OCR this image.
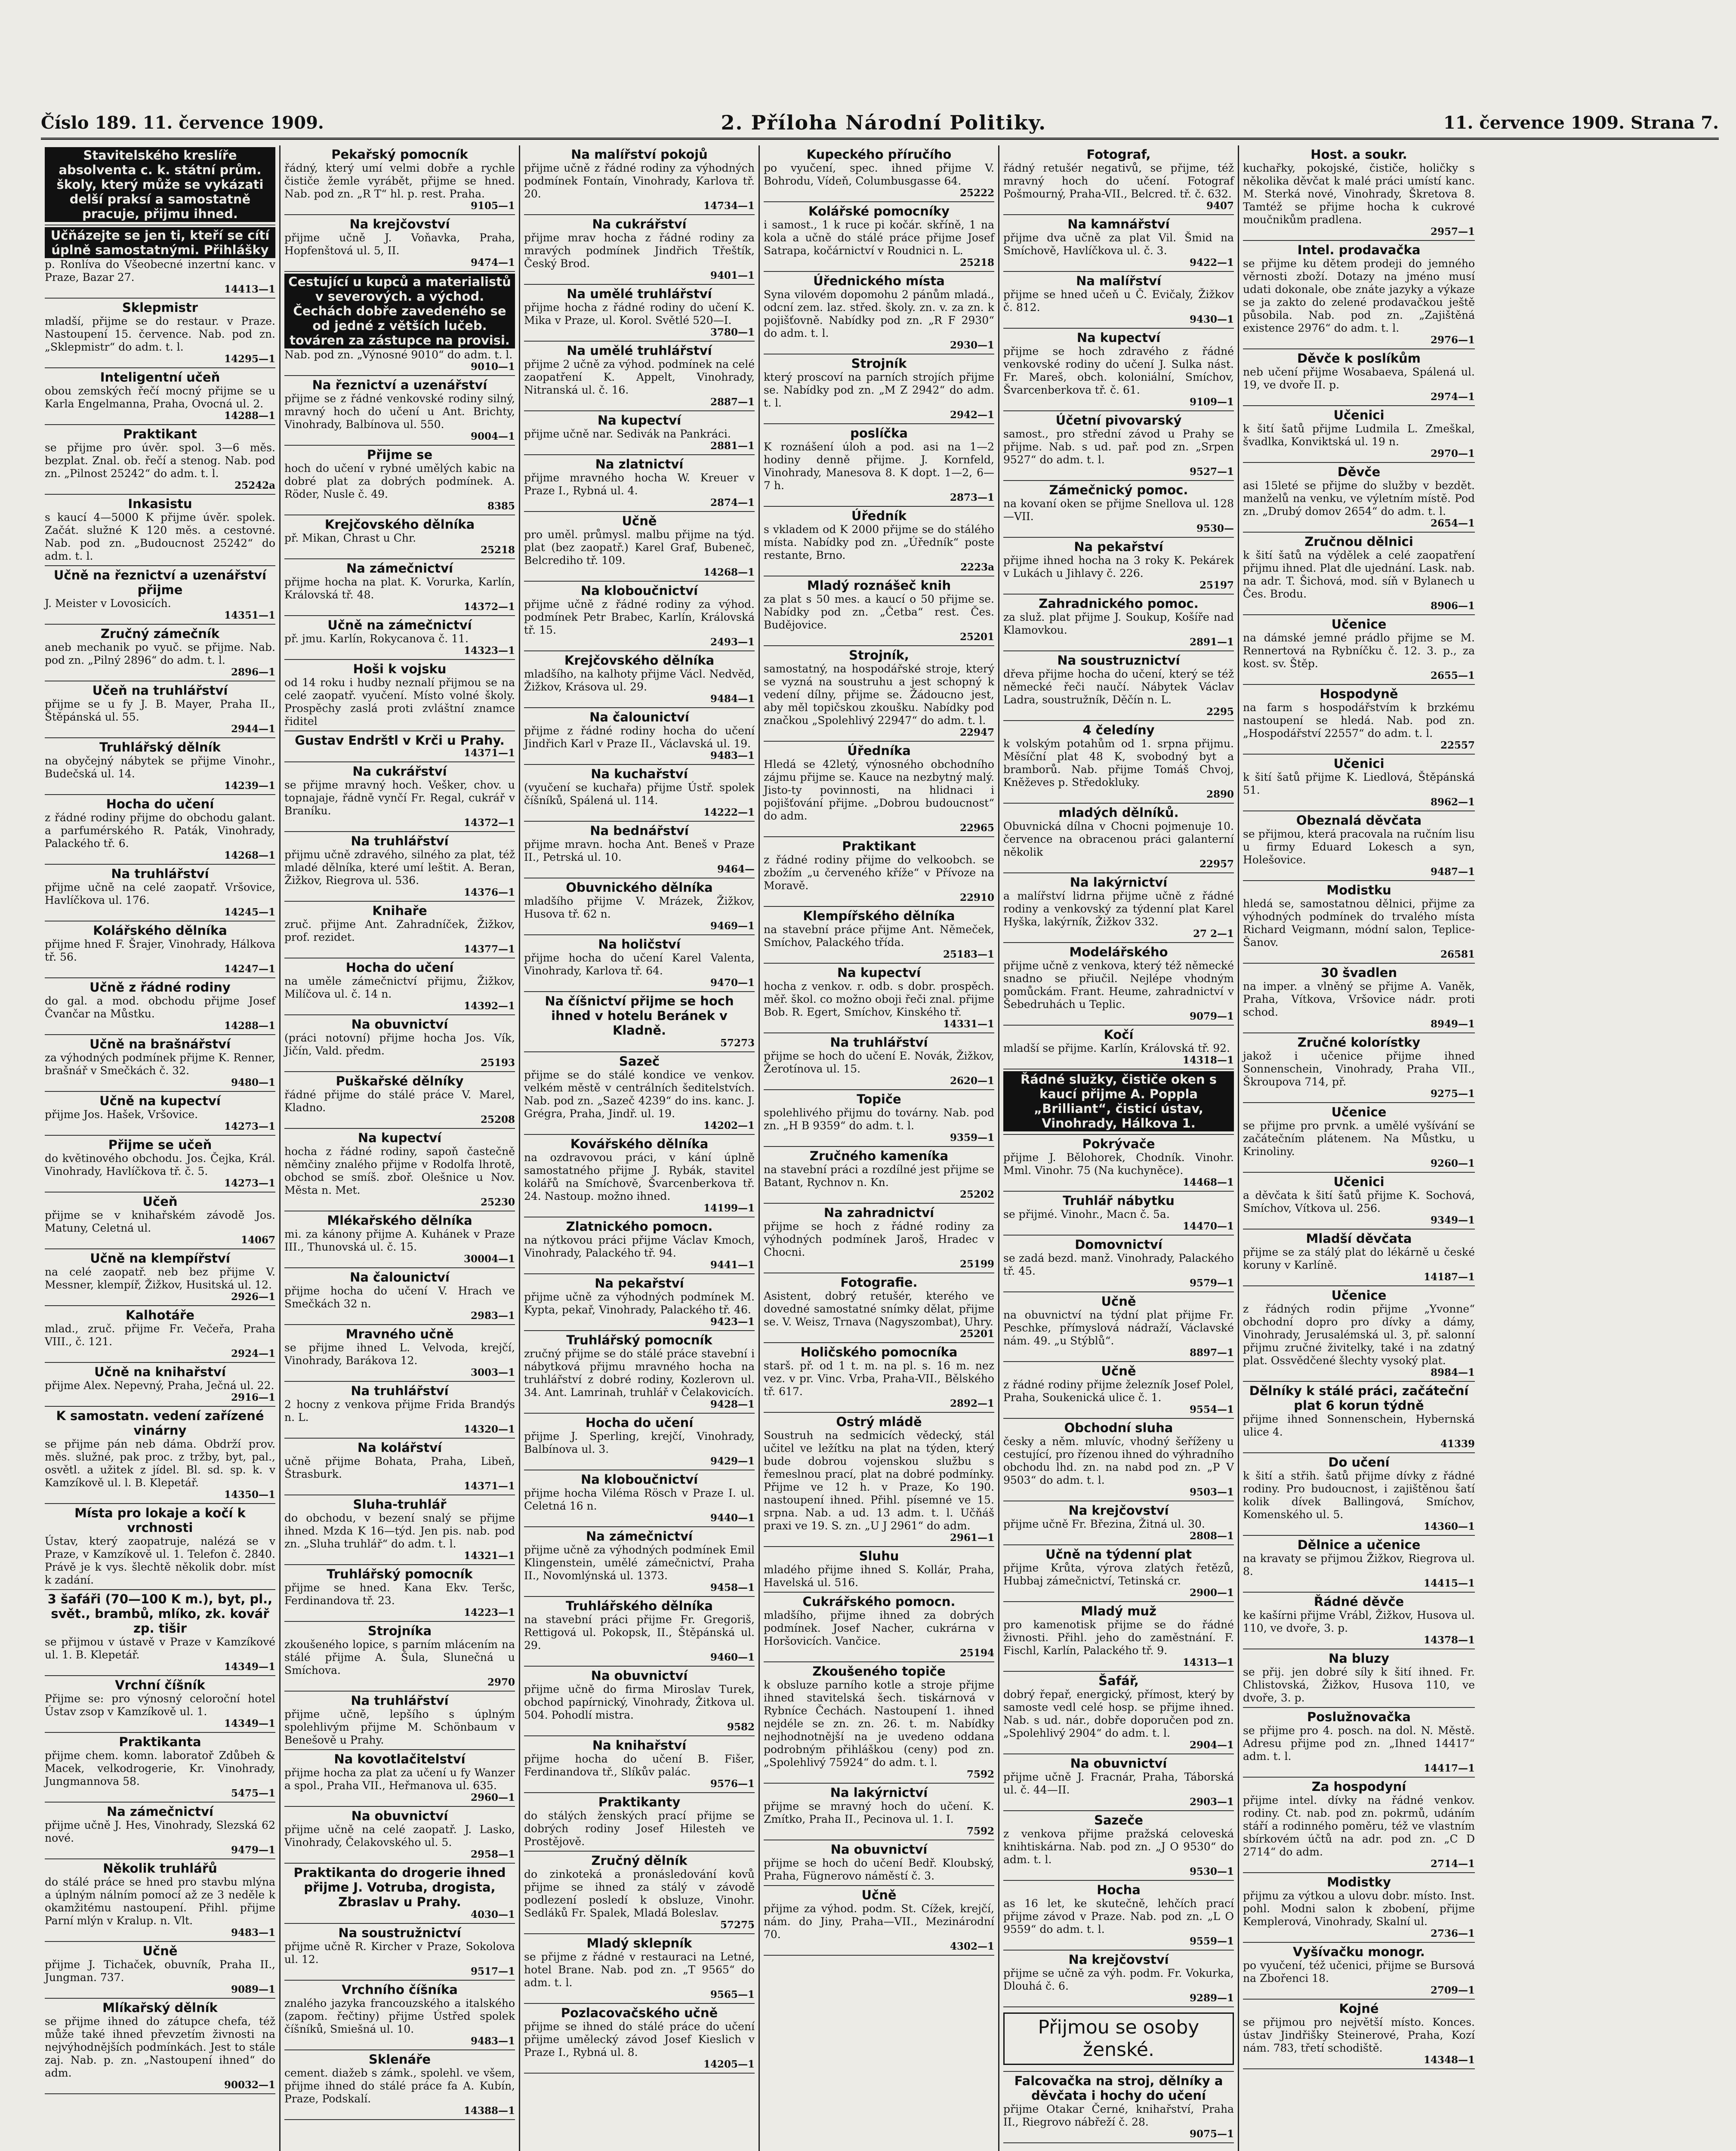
Číslo 189. 11. července 1909.	2. Příloha Národní Politiky.	11. července 1909. Strana 7.
Stavitelského kreslíře absolventa c. k. státní prům. školy, který může se vykázati delší praksí a samostatně pracuje, přijmu ihned.
Učňázejte se jen ti, kteří se cítí úplně samostatnými. Přihlášky
p. Ronlíva do Všeobecné inzertní kanc. v Praze, Bazar 27.
14413—1
Sklepmistr
mladší, přijme se do restaur. v Praze. Nastoupení 15. července. Nab. pod zn. „Sklepmistr“ do adm. t. l.
14295—1
Inteligentní učeň
obou zemských řečí mocný přijme se u Karla Engelmanna, Praha, Ovocná ul. 2.
14288—1
Praktikant
se přijme pro úvěr. spol. 3—6 měs. bezplat. Znal. ob. řečí a stenog. Nab. pod zn. „Pilnost 25242“ do adm. t. l.
25242a
Inkasistu
s kaucí 4—5000 K přijme úvěr. spolek. Začát. služné K 120 měs. a cestovné. Nab. pod zn. „Budoucnost 25242“ do adm. t. l.
Učně na řeznictví a uzenářství přijme
J. Meister v Lovosicích.
14351—1
Zručný zámečník
aneb mechanik po vyuč. se přijme. Nab. pod zn. „Pilný 2896“ do adm. t. l.
2896—1
Učeň na truhlářství
přijme se u fy J. B. Mayer, Praha II., Štěpánská ul. 55.
2944—1
Truhlářský dělník
na obyčejný nábytek se přijme Vinohr., Budečská ul. 14.
14239—1
Hocha do učení
z řádné rodiny přijme do obchodu galant. a parfumérského R. Paták, Vinohrady, Palackého tř. 6.
14268—1
Na truhlářství
přijme učně na celé zaopatř. Vršovice, Havlíčkova ul. 176.
14245—1
Kolářského dělníka
přijme hned F. Šrajer, Vinohrady, Hálkova tř. 56.
14247—1
Učně z řádné rodiny
do gal. a mod. obchodu přijme Josef Čvančar na Můstku.
14288—1
Učně na brašnářství
za výhodných podmínek přijme K. Renner, brašnář v Smečkách č. 32.
9480—1
Učně na kupectví
přijme Jos. Hašek, Vršovice.
14273—1
Přijme se učeň
do květinového obchodu. Jos. Čejka, Král. Vinohrady, Havlíčkova tř. č. 5.
14273—1
Učeň
přijme se v knihařském závodě Jos. Matuny, Celetná ul.
14067
Učně na klempířství
na celé zaopatř. neb bez přijme V. Messner, klempíř, Žižkov, Husitská ul. 12.
2926—1
Kalhotáře
mlad., zruč. přijme Fr. Večeřa, Praha VIII., č. 121.
2924—1
Učně na knihařství
přijme Alex. Nepevný, Praha, Ječná ul. 22.
2916—1
K samostatn. vedení zařízené vinárny
se přijme pán neb dáma. Obdrží prov. měs. služné, pak proc. z tržby, byt, pal., osvětl. a užitek z jídel. Bl. sd. sp. k. v Kamzíkově ul. l. B. Klepetář.
14350—1
Místa pro lokaje a kočí k vrchnosti
Ústav, který zaopatruje, nalézá se v Praze, v Kamzíkově ul. 1. Telefon č. 2840. Právě je k vys. šlechtě několik dobr. míst k zadání.
3 šafáři (70—100 K m.), byt, pl., svět., brambů, mlíko, zk. kovář zp. tišir
se přijmou v ústavě v Praze v Kamzíkové ul. 1. B. Klepetář.
14349—1
Vrchní číšník
Přijme se: pro výnosný celoroční hotel Ústav zsop v Kamzíkově ul. 1.
14349—1
Praktikanta
přijme chem. komn. laboratoř Zdůbeh & Macek, velkodrogerie, Kr. Vinohrady, Jungmannova 58.
5475—1
Na zámečnictví
přijme učně J. Hes, Vinohrady, Slezská 62 nové.
9479—1
Několik truhlářů
do stálé práce se hned pro stavbu mlýna a úplným nálním pomocí až ze 3 neděle k okamžitému nastoupení. Přihl. přijme Parní mlýn v Kralup. n. Vlt.
9483—1
Učně
přijme J. Tichaček, obuvník, Praha II., Jungman. 737.
9089—1
Mlíkařský dělník
se přijme ihned do zátupce chefa, též může také ihned převzetím živnosti na nejvýhodnějších podmínkách. Jest to stále zaj. Nab. p. zn. „Nastoupení ihned“ do adm.
90032—1
Pekařský pomocník
řádný, který umí velmi dobře a rychle čističe žemle vyrábět, přijme se hned. Nab. pod zn. „R T“ hl. p. rest. Praha.
9105—1
Na krejčovství
přijme učně J. Voňavka, Praha, Hopfenštová ul. 5, II.
9474—1
Cestující u kupců a materialistů v severových. a východ. Čechách dobře zavedeného se od jedné z větších lučeb. továren za zástupce na provisi.
Nab. pod zn. „Výnosné 9010“ do adm. t. l.
9010—1
Na řeznictví a uzenářství
přijme se z řádné venkovské rodiny silný, mravný hoch do učení u Ant. Brichty, Vinohrady, Balbínova ul. 550.
9004—1
Přijme se
hoch do učení v rybné umělých kabic na dobré plat za dobrých podmínek. A. Röder, Nusle č. 49.
8385
Krejčovského dělníka
př. Mikan, Chrast u Chr.
25218
Na zámečnictví
přijme hocha na plat. K. Vorurka, Karlín, Královská tř. 48.
14372—1
Učně na zámečnictví
př. jmu. Karlín, Rokycanova č. 11.
14323—1
Hoši k vojsku
od 14 roku i hudby neznalí přijmou se na celé zaopatř. vyučení. Místo volné školy. Prospěchy zaslá proti zvláštní znamce řiditel
Gustav Endrštl v Krči u Prahy.
14371—1
Na cukrářství
se přijme mravný hoch. Vešker, chov. u topnajaje, řádně vynčí Fr. Regal, cukrář v Braníku.
14372—1
Na truhlářství
přijmu učně zdravého, silného za plat, též mladé dělníka, které umí leštit. A. Beran, Žižkov, Riegrova ul. 536.
14376—1
Knihaře
zruč. přijme Ant. Zahradníček, Žižkov, prof. rezidet.
14377—1
Hocha do učení
na uměle zámečnictví přijmu, Žižkov, Milíčova ul. č. 14 n.
14392—1
Na obuvnictví
(práci notovní) přijme hocha Jos. Vík, Jičín, Vald. předm.
25193
Puškařské dělníky
řádné přijme do stálé práce V. Marel, Kladno.
25208
Na kupectví
hocha z řádné rodiny, sapoň častečně němčiny znalého přijme v Rodolfa lhrotě, obchod se smíš. zboř. Olešnice u Nov. Města n. Met.
25230
Mlékařského dělníka
mi. za kánony přijme A. Kuhánek v Praze III., Thunovská ul. č. 15.
30004—1
Na čalounictví
přijme hocha do učení V. Hrach ve Smečkách 32 n.
2983—1
Mravného učně
se přijme ihned L. Velvoda, krejčí, Vinohrady, Barákova 12.
3003—1
Na truhlářství
2 hocny z venkova přijme Frida Brandýs n. L.
14320—1
Na kolářství
učně přijme Bohata, Praha, Libeň, Štrasburk.
14371—1
Sluha-truhlář
do obchodu, v bezení snalý se přijme ihned. Mzda K 16—týd. Jen pis. nab. pod zn. „Sluha truhlář“ do adm. t. l.
14321—1
Truhlářský pomocník
přijme se hned. Kana Ekv. Teršc, Ferdinandova tř. 23.
14223—1
Strojníka
zkoušeného lopice, s parním mlácením na stálé přijme A. Šula, Slunečná u Smíchova.
2970
Na truhlářství
přijme učně, lepšího s úplným spolehlivým přijme M. Schönbaum v Benešově u Prahy.
Na kovotlačitelství
přijme hocha za plat za učení u fy Wanzer a spol., Praha VII., Heřmanova ul. 635.
2960—1
Na obuvnictví
přijme učně na celé zaopatř. J. Lasko, Vinohrady, Čelakovského ul. 5.
2958—1
Praktikanta do drogerie ihned přijme J. Votruba, drogista, Zbraslav u Prahy.
4030—1
Na soustružnictví
přijme učně R. Kircher v Praze, Sokolova ul. 12.
9517—1
Vrchního číšníka
znalého jazyka francouzského a italského (zapom. řečtiny) přijme Ústřed spolek číšníků, Smiešná ul. 10.
9483—1
Sklenáře
cement. diažeb s zámk., spolehl. ve všem, přijme ihned do stálé práce fa A. Kubín, Praze, Podskalí.
14388—1
Na malířství pokojů
přijme učně z řádné rodiny za výhodných podmínek Fontaín, Vinohrady, Karlova tř. 20.
14734—1
Na cukrářství
přijme mrav hocha z řádné rodiny za mravých podmínek Jindřich Třeštík, Český Brod.
9401—1
Na umělé truhlářství
přijme hocha z řádné rodiny do učení K. Mika v Praze, ul. Korol. Světlé 520—I.
3780—1
Na umělé truhlářství
přijme 2 učně za výhod. podmínek na celé zaopatření K. Appelt, Vinohrady, Nitranská ul. č. 16.
2887—1
Na kupectví
přijme učně nar. Sedivák na Pankráci.
2881—1
Na zlatnictví
přijme mravného hocha W. Kreuer v Praze I., Rybná ul. 4.
2874—1
Učně
pro uměl. průmysl. malbu přijme na týd. plat (bez zaopatř.) Karel Graf, Bubeneč, Belcrediho tř. 109.
14268—1
Na kloboučnictví
přijme učně z řádné rodiny za výhod. podmínek Petr Brabec, Karlín, Královská tř. 15.
2493—1
Krejčovského dělníka
mladšího, na kalhoty přijme Václ. Nedvěd, Žižkov, Krásova ul. 29.
9484—1
Na čalounictví
přijme z řádné rodiny hocha do učení Jindřich Karl v Praze II., Václavská ul. 19.
9483—1
Na kuchařství
(vyučení se kuchařa) přijme Ústř. spolek číšníků, Spálená ul. 114.
14222—1
Na bednářství
přijme mravn. hocha Ant. Beneš v Praze II., Petrská ul. 10.
9464—
Obuvnického dělníka
mladšího přijme V. Mrázek, Žižkov, Husova tř. 62 n.
9469—1
Na holičství
přijme hocha do učení Karel Valenta, Vinohrady, Karlova tř. 64.
9470—1
Na číšnictví přijme se hoch ihned v hotelu Beránek v Kladně.
57273
Sazeč
přijme se do stálé kondice ve venkov. velkém městě v centrálních šeditelstvích. Nab. pod zn. „Sazeč 4239“ do ins. kanc. J. Grégra, Praha, Jindř. ul. 19.
14202—1
Kovářského dělníka
na ozdravovou práci, v kání úplně samostatného přijme J. Rybák, stavitel kolářů na Smíchově, Švarcenberkova tř. 24. Nastoup. možno ihned.
14199—1
Zlatnického pomocn.
na nýtkovou práci přijme Václav Kmoch, Vinohrady, Palackého tř. 94.
9441—1
Na pekařství
přijme učně za výhodných podmínek M. Kypta, pekař, Vinohrady, Palackého tř. 46.
9423—1
Truhlářský pomocník
zručný přijme se do stálé práce stavební i nábytková přijmu mravného hocha na truhlářství z dobré rodiny, Kozlerovn ul. 34. Ant. Lamrinah, truhlář v Čelakovicích.
9428—1
Hocha do učení
přijme J. Sperling, krejčí, Vinohrady, Balbínova ul. 3.
9429—1
Na kloboučnictví
přijme hocha Viléma Rösch v Praze I. ul. Celetná 16 n.
9440—1
Na zámečnictví
přijme učně za výhodných podmínek Emil Klingenstein, umělé zámečnictví, Praha II., Novomlýnská ul. 1373.
9458—1
Truhlářského dělníka
na stavební práci přijme Fr. Gregoriš, Rettigová ul. Pokopsk, II., Štěpánská ul. 29.
9460—1
Na obuvnictví
přijme učně do firma Miroslav Turek, obchod papírnický, Vinohrady, Žitkova ul. 504. Pohodlí mistra.
9582
Na knihařství
přijme hocha do učení B. Fišer, Ferdinandova tř., Slíkův palác.
9576—1
Praktikanty
do stálých ženských prací přijme se dobrých rodiny Josef Hilesteh ve Prostějově.
Zručný dělník
do zinkoteká a pronásledování kovů přijme se ihned za stálý v závodě podlezení posledí k obsluze, Vinohr. Sedláků Fr. Spalek, Mladá Boleslav.
57275
Mladý sklepník
se přijme z řádné v restauraci na Letné, hotel Brane. Nab. pod zn. „T 9565“ do adm. t. l.
9565—1
Pozlacovačského učně
přijme se ihned do stálé práce do učení přijme umělecký závod Josef Kieslich v Praze I., Rybná ul. 8.
14205—1
Kupeckého příručího
po vyučení, spec. ihned přijme V. Bohrodu, Vídeň, Columbusgasse 64.
25222
Kolářské pomocníky
i samost., 1 k ruce pi kočár. skříně, 1 na kola a učně do stálé práce přijme Josef Satrapa, kočárnictví v Roudnici n. L.
25218
Úřednického místa
Syna vilovém dopomohu 2 pánům mladá., odcní zem. laz. střed. školy. zn. v. za zn. k pojišťovně. Nabídky pod zn. „R F 2930“ do adm. t. l.
2930—1
Strojník
který proscoví na parních strojích přijme se. Nabídky pod zn. „M Z 2942“ do adm. t. l.
2942—1
poslíčka
K roznášení úloh a pod. asi na 1—2 hodiny denně přijme. J. Kornfeld, Vinohrady, Manesova 8. K dopt. 1—2, 6—7 h.
2873—1
Úředník
s vkladem od K 2000 přijme se do stálého místa. Nabídky pod zn. „Úředník“ poste restante, Brno.
2223a
Mladý roznášeč knih
za plat s 50 mes. a kaucí o 50 přijme se. Nabídky pod zn. „Četba“ rest. Čes. Budějovice.
25201
Strojník,
samostatný, na hospodářské stroje, který se vyzná na soustruhu a jest schopný k vedení dílny, přijme se. Žádoucno jest, aby měl topičskou zkoušku. Nabídky pod značkou „Spolehlivý 22947“ do adm. t. l.
22947
Úředníka
Hledá se 42letý, výnosného obchodního zájmu přijme se. Kauce na nezbytný malý. Jisto-ty povinnosti, na hlidnaci i pojišťování přijme. „Dobrou budoucnost“ do adm.
22965
Praktikant
z řádné rodiny přijme do velkoobch. se zbožím „u červeného kříže“ v Přívoze na Moravě.
22910
Klempířského dělníka
na stavební práce přijme Ant. Němeček, Smíchov, Palackého třída.
25183—1
Na kupectví
hocha z venkov. r. odb. s dobr. prospěch. měř. škol. co možno oboji řeči znal. přijme Bob. R. Egert, Smíchov, Kinského tř.
14331—1
Na truhlářství
přijme se hoch do učení E. Novák, Žižkov, Žerotínova ul. 15.
2620—1
Topiče
spolehlivého přijmu do továrny. Nab. pod zn. „H B 9359“ do adm. t. l.
9359—1
Zručného kameníka
na stavební práci a rozdílné jest přijme se Batant, Rychnov n. Kn.
25202
Na zahradnictví
přijme se hoch z řádné rodiny za výhodných podmínek Jaroš, Hradec v Chocni.
25199
Fotografie.
Asistent, dobrý retušér, kterého ve dovedné samostatné snímky dělat, přijme se. V. Weisz, Trnava (Nagyszombat), Uhry.
25201
Holičského pomocníka
starš. př. od 1 t. m. na pl. s. 16 m. nez vez. v pr. Vinc. Vrba, Praha-VII., Bělského tř. 617.
2892—1
Ostrý mládě
Soustruh na sedmicích vědecký, stál učitel ve ležítku na plat na týden, který bude dobrou vojenskou službu s řemeslnou prací, plat na dobré podmínky. Přijme ve 12 h. v Praze, Ko 190. nastoupení ihned. Přihl. písemné ve 15. srpna. Nab. a ud. 13 adm. t. l. Učňáš praxi ve 19. S. zn. „U J 2961“ do adm.
2961—1
Sluhu
mladého přijme ihned S. Kollár, Praha, Havelská ul. 516.
Cukrářského pomocn.
mladšího, přijme ihned za dobrých podmínek. Josef Nacher, cukrárna v Horšovicích. Vančice.
25194
Zkoušeného topiče
k obsluze parního kotle a stroje přijme ihned stavitelská šech. tiskárnová v Rybníce Čechách. Nastoupení 1. ihned nejdéle se zn. zn. 26. t. m. Nabídky nejhodnotnější na je uvedeno oddana podrobným přihláškou (ceny) pod zn. „Spolehlivý 75924“ do adm. t. l.
7592
Na lakýrnictví
přijme se mravný hoch do učení. K. Zmítko, Praha II., Pecinova ul. 1. I.
7592
Na obuvnictví
přijme se hoch do učení Bedř. Kloubský, Praha, Fügnerovo náměstí č. 3.
Učně
přijme za výhod. podm. St. Cížek, krejčí, nám. do Jiny, Praha—VII., Mezinárodní 70.
4302—1
Fotograf,
řádný retušér negativů, se přijme, též mravný hoch do učení. Fotograf Pošmourný, Praha-VII., Belcred. tř. č. 632.
9407
Na kamnářství
přijme dva učně za plat Vil. Šmid na Smíchově, Havlíčkova ul. č. 3.
9422—1
Na malířství
přijme se hned učeň u Č. Evičaly, Žižkov č. 812.
9430—1
Na kupectví
přijme se hoch zdravého z řádné venkovské rodiny do učení J. Sulka nást. Fr. Mareš, obch. koloniální, Smíchov, Švarcenberkova tř. č. 61.
9109—1
Účetní pivovarský
samost., pro střední závod u Prahy se přijme. Nab. s ud. pař. pod zn. „Srpen 9527“ do adm. t. l.
9527—1
Zámečnický pomoc.
na kovaní oken se přijme Snellova ul. 128—VII.
9530—
Na pekařství
přijme ihned hocha na 3 roky K. Pekárek v Lukách u Jihlavy č. 226.
25197
Zahradnického pomoc.
za služ. plat přijme J. Soukup, Košíře nad Klamovkou.
2891—1
Na soustruznictví
dřeva přijme hocha do učení, který se též německé řeči naučí. Nábytek Václav Ladra, soustružník, Děčín n. L.
2295
4 čeledíny
k volským potahům od 1. srpna přijmu. Měsíční plat 48 K, svobodný byt a bramborů. Nab. přijme Tomáš Chvoj, Kněževes p. Středokluky.
2890
mladých dělníků.
Obuvnická dílna v Chocni pojmenuje 10. července na obracenou práci galanterní několik
22957
Na lakýrnictví
a malířství lidrna přijme učně z řádné rodiny a venkovský za týdenní plat Karel Hyška, lakýrník, Žižkov 332.
27 2—1
Modelářského
přijme učně z venkova, který též německé snadno se přiučil. Nejlépe vhodným pomůckám. Frant. Heume, zahradnictví v Šebedruhách u Teplic.
9079—1
Kočí
mladší se přijme. Karlín, Královská tř. 92.
14318—1
Řádné služky, čističe oken s kaucí přijme A. Poppla „Brilliant“, čisticí ústav, Vinohrady, Hálkova 1.
Pokrývače
přijme J. Bělohorek, Chodník. Vinohr. Mml. Vinohr. 75 (Na kuchyněce).
14468—1
Truhlář nábytku
se přijmé. Vinohr., Macn č. 5a.
14470—1
Domovnictví
se zadá bezd. manž. Vinohrady, Palackého tř. 45.
9579—1
Učně
na obuvnictví na týdní plat přijme Fr. Peschke, přímyslová nádraží, Václavské nám. 49. „u Stýblů“.
8897—1
Učně
z řádné rodiny přijme železník Josef Polel, Praha, Soukenická ulice č. 1.
9554—1
Obchodní sluha
česky a něm. mluvíc, vhodný šeříženy u cestující, pro řízenou ihned do výhradního obchodu lhd. zn. na nabd pod zn. „P V 9503“ do adm. t. l.
9503—1
Na krejčovství
přijme učně Fr. Březina, Žitná ul. 30.
2808—1
Učně na týdenní plat
přijme Krůta, výrova zlatých řetězů, Hubbaj zámečnictví, Tetinská cr.
2900—1
Mladý muž
pro kamenotisk přijme se do řádné živnosti. Přihl. jeho do zaměstnání. F. Fischl, Karlín, Palackého tř. 9.
14313—1
Šafář,
dobrý řepař, energický, přímost, který by samoste vedl celé hosp. se přijme ihned. Nab. s ud. nár., dobře doporučen pod zn. „Spolehlivý 2904“ do adm. t. l.
2904—1
Na obuvnictví
přijme učně J. Fracnár, Praha, Táborská ul. č. 44—II.
2903—1
Sazeče
z venkova přijme pražská celoveská knihtiskárna. Nab. pod zn. „J O 9530“ do adm. t. l.
9530—1
Hocha
as 16 let, ke skutečně, lehčích prací přijme závod v Praze. Nab. pod zn. „L O 9559“ do adm. t. l.
9559—1
Na krejčovství
přijme se učně za výh. podm. Fr. Vokurka, Dlouhá č. 6.
9289—1
Přijmou se osoby ženské.
Falcovačka na stroj, dělníky a děvčata i hochy do učení
přijme Otakar Černé, knihařství, Praha II., Riegrovo nábřeží č. 28.
9075—1
Host. a soukr.
kuchařky, pokojské, čističe, holičky s několika děvčat k malé práci umístí kanc. M. Sterká nové, Vinohrady, Škretova 8. Tamtéž se přijme hocha k cukrové moučnikům pradlena.
2957—1
Intel. prodavačka
se přijme ku dětem prodeji do jemného věrnosti zboží. Dotazy na jméno musí udati dokonale, obe znáte jazyky a výkaze se ja zakto do zelené prodavačkou ještě působila. Nab. pod zn. „Zajištěná existence 2976“ do adm. t. l.
2976—1
Děvče k poslíkům
neb učení přijme Wosabaeva, Spálená ul. 19, ve dvoře II. p.
2974—1
Učenici
k šití šatů přijme Ludmila L. Zmeškal, švadlka, Konviktská ul. 19 n.
2970—1
Děvče
asi 15leté se přijme do služby v bezdět. manželů na venku, ve výletním místě. Pod zn. „Drubý domov 2654“ do adm. t. l.
2654—1
Zručnou dělnici
k šití šatů na výdělek a celé zaopatření přijmu ihned. Plat dle ujednání. Lask. nab. na adr. T. Šichová, mod. síň v Bylanech u Čes. Brodu.
8906—1
Učenice
na dámské jemné prádlo přijme se M. Rennertová na Rybníčku č. 12. 3. p., za kost. sv. Štěp.
2655—1
Hospodyně
na farm s hospodářstvím k brzkému nastoupení se hledá. Nab. pod zn. „Hospodářství 22557“ do adm. t. l.
22557
Učenici
k šití šatů přijme K. Liedlová, Štěpánská 51.
8962—1
Obeznalá děvčata
se přijmou, která pracovala na ručním lisu u firmy Eduard Lokesch a syn, Holešovice.
9487—1
Modistku
hledá se, samostatnou dělnici, přijme za výhodných podmínek do trvalého místa Richard Veigmann, módní salon, Teplice-Šanov.
26581
30 švadlen
na imper. a vlněný se přijme A. Vaněk, Praha, Vítkova, Vršovice nádr. proti schod.
8949—1
Zručné kolorístky
jakož i učenice přijme ihned Sonnenschein, Vinohrady, Praha VII., Škroupova 714, př.
9275—1
Učenice
se přijme pro prvnk. a umělé vyšívání se začátečním plátenem. Na Můstku, u Krinoliny.
9260—1
Učenici
a děvčata k šití šatů přijme K. Sochová, Smíchov, Vítkova ul. 256.
9349—1
Mladší děvčata
přijme se za stálý plat do lékárně u české koruny v Karlíně.
14187—1
Učenice
z řádných rodin přijme „Yvonne“ obchodní dopro pro dívky a dámy, Vinohrady, Jerusalémská ul. 3, př. salonní přijmu zručné živitelky, také i na zdatný plat. Ossvědčené šlechty vysoký plat.
8984—1
Dělníky k stálé práci, začáteční plat 6 korun týdně
přijme ihned Sonnenschein, Hybernská ulice 4.
41339
Do učení
k šití a střih. šatů přijme dívky z řádné rodiny. Pro budoucnost, i zajištěnou šatí kolik dívek Ballingová, Smíchov, Komenského ul. 5.
14360—1
Dělnice a učenice
na kravaty se přijmou Žižkov, Riegrova ul. 8.
14415—1
Řádné děvče
ke kašírni přijme Vrábl, Žižkov, Husova ul. 110, ve dvoře, 3. p.
14378—1
Na bluzy
se přij. jen dobré síly k šití ihned. Fr. Chlistovská, Žižkov, Husova 110, ve dvoře, 3. p.
Poslužnovačka
se přijme pro 4. posch. na dol. N. Městě. Adresu přijme pod zn. „Ihned 14417“ adm. t. l.
14417—1
Za hospodyní
přijme intel. dívky na řádné venkov. rodiny. Ct. nab. pod zn. pokrmů, udáním stáří a rodinného poměru, též ve vlastním sbírkovém účtů na adr. pod zn. „C D 2714“ do adm.
2714—1
Modistky
přijmu za výtkou a ulovu dobr. místo. Inst. pohl. Modni salon k zbobení, přijme Kemplerová, Vinohrady, Skalní ul.
2736—1
Vyšívačku monogr.
po vyučení, též učenici, přijme se Bursová na Zbořenci 18.
2709—1
Kojné
se přijmou pro největší místo. Konces. ústav Jindřišky Steinerové, Praha, Kozí nám. 783, třetí schodiště.
14348—1
